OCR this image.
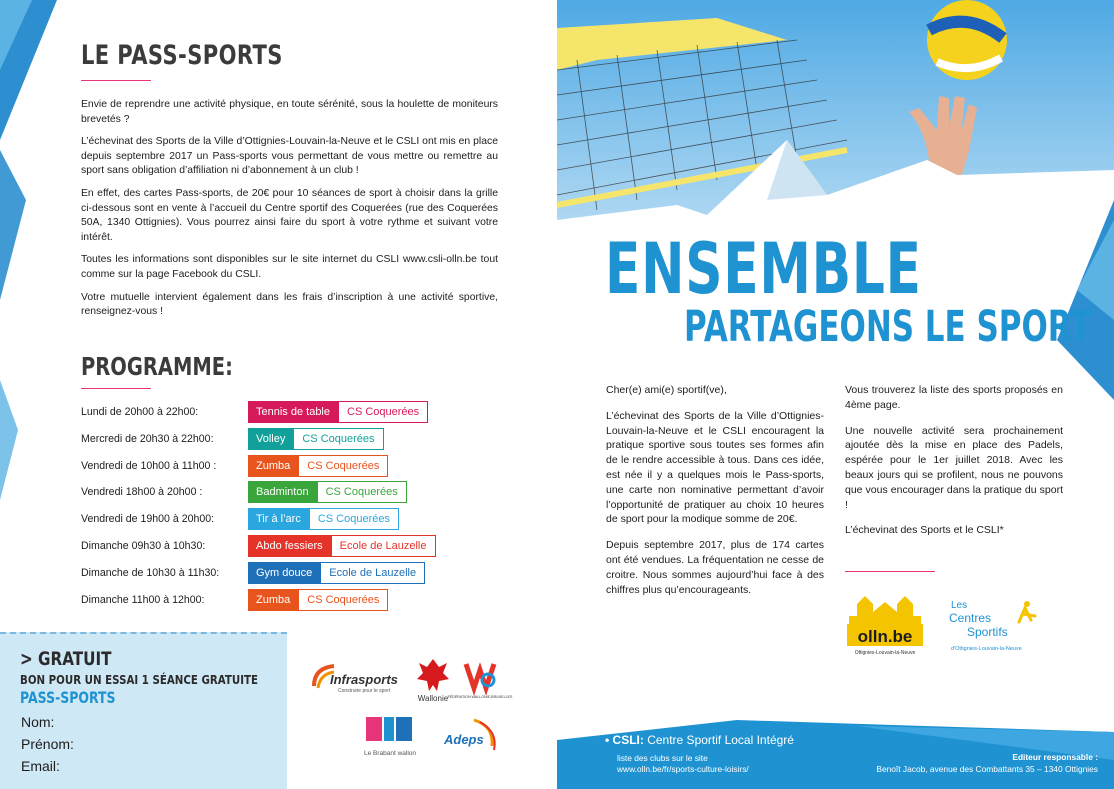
LE PASS-SPORTS

Envie de reprendre une activité physique, en toute sérénité, sous la houlette de moniteurs brevetés ?

L’échevinat des Sports de la Ville d’Ottignies-Louvain-la-Neuve et le CSLI ont mis en place depuis septembre 2017 un Pass-sports vous permettant de vous mettre ou remettre au sport sans obligation d’affiliation ni d’abonnement à un club !

En effet, des cartes Pass-sports, de 20€ pour 10 séances de sport à choisir dans la grille ci-dessous sont en vente à l’accueil du Centre sportif des Coquerées (rue des Coquerées 50A, 1340 Ottignies). Vous pourrez ainsi faire du sport à votre rythme et suivant votre intérêt.

Toutes les informations sont disponibles sur le site internet du CSLI www.csli-olln.be tout comme sur la page Facebook du CSLI.

Votre mutuelle intervient également dans les frais d’inscription à une activité sportive, renseignez-vous !

PROGRAMME:
Lundi de 20h00 à 22h00:	Tennis de table	CS Coquerées
Mercredi de 20h30 à 22h00:	Volley	CS Coquerées
Vendredi de 10h00 à 11h00 :	Zumba	CS Coquerées
Vendredi 18h00 à 20h00 :	Badminton	CS Coquerées
Vendredi de 19h00 à 20h00:	Tir à l’arc	CS Coquerées
Dimanche 09h30 à 10h30:	Abdo fessiers	Ecole de Lauzelle
Dimanche de 10h30 à 11h30:	Gym douce	Ecole de Lauzelle
Dimanche 11h00 à 12h00:	Zumba	CS Coquerées
> GRATUIT
BON POUR UN ESSAI 1 SÉANCE GRATUITE
PASS-SPORTS
Nom:
Prénom:
Email:
Infrasports
Construire pour le sport
Wallonie FÉDÉRATION WALLONIE-BRUXELLES
Le Brabant wallon
Adeps
ENSEMBLE
PARTAGEONS LE SPORT

Cher(e) ami(e) sportif(ve),

L’échevinat des Sports de la Ville d’Ottignies-Louvain-la-Neuve et le CSLI encouragent la pratique sportive sous toutes ses formes afin de le rendre accessible à tous. Dans ces idée, est née il y a quelques mois le Pass-sports, une carte non nominative permettant d’avoir l’opportunité de pratiquer au choix 10 heures de sport pour la modique somme de 20€.

Depuis septembre 2017, plus de 174 cartes ont été vendues. La fréquentation ne cesse de croitre. Nous sommes aujourd’hui face à des chiffres plus qu’encourageants.

Vous trouverez la liste des sports proposés en 4ème page.

Une nouvelle activité sera prochainement ajoutée dès la mise en place des Padels, espérée pour le 1er juillet 2018. Avec les beaux jours qui se profilent, nous ne pouvons que vous encourager dans la pratique du sport !

L’échevinat des Sports et le CSLI*

olln.be
Ottignies-Louvain-la-Neuve
Les
Centres
Sportifs
d'Ottignies-Louvain-la-Neuve
• CSLI: Centre Sportif Local Intégré
liste des clubs sur le site
www.olln.be/fr/sports-culture-loisirs/
Editeur responsable :
Benoît Jacob, avenue des Combattants 35 – 1340 Ottignies
